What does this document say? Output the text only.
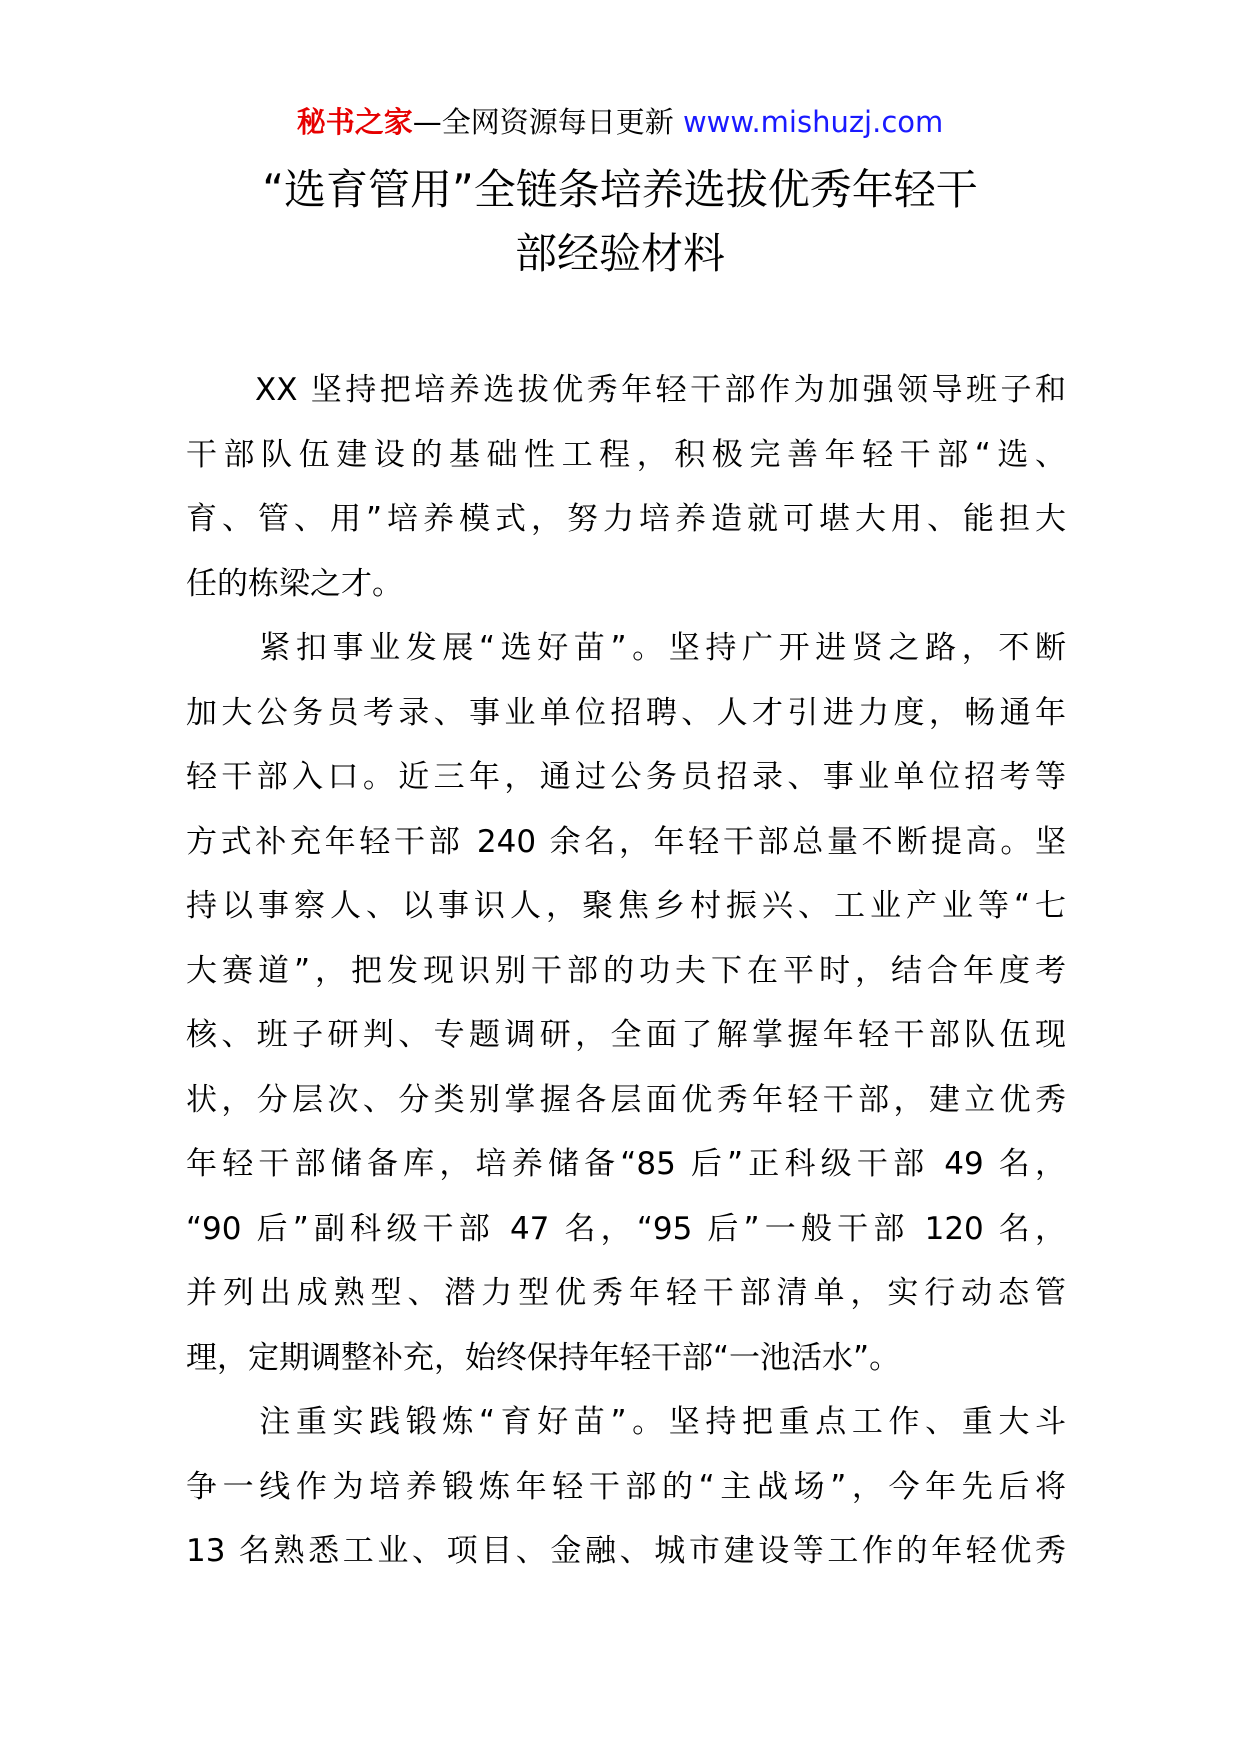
秘书之家—全网资源每日更新 www.mishuzj.com
“选育管用”全链条培养选拔优秀年轻干
部经验材料

　　XX 坚持把培养选拔优秀年轻干部作为加强领导班子和
干部队伍建设的基础性工程，积极完善年轻干部“选、
育、管、用”培养模式，努力培养造就可堪大用、能担大
任的栋梁之才。

　　紧扣事业发展“选好苗”。坚持广开进贤之路，不断
加大公务员考录、事业单位招聘、人才引进力度，畅通年
轻干部入口。近三年，通过公务员招录、事业单位招考等
方式补充年轻干部 240 余名，年轻干部总量不断提高。坚
持以事察人、以事识人，聚焦乡村振兴、工业产业等“七
大赛道”，把发现识别干部的功夫下在平时，结合年度考
核、班子研判、专题调研，全面了解掌握年轻干部队伍现
状，分层次、分类别掌握各层面优秀年轻干部，建立优秀
年轻干部储备库，培养储备“85 后”正科级干部 49 名，
“90 后”副科级干部 47 名，“95 后”一般干部 120 名，
并列出成熟型、潜力型优秀年轻干部清单，实行动态管
理，定期调整补充，始终保持年轻干部“一池活水”。

　　注重实践锻炼“育好苗”。坚持把重点工作、重大斗
争一线作为培养锻炼年轻干部的“主战场”，今年先后将
13 名熟悉工业、项目、金融、城市建设等工作的年轻优秀
